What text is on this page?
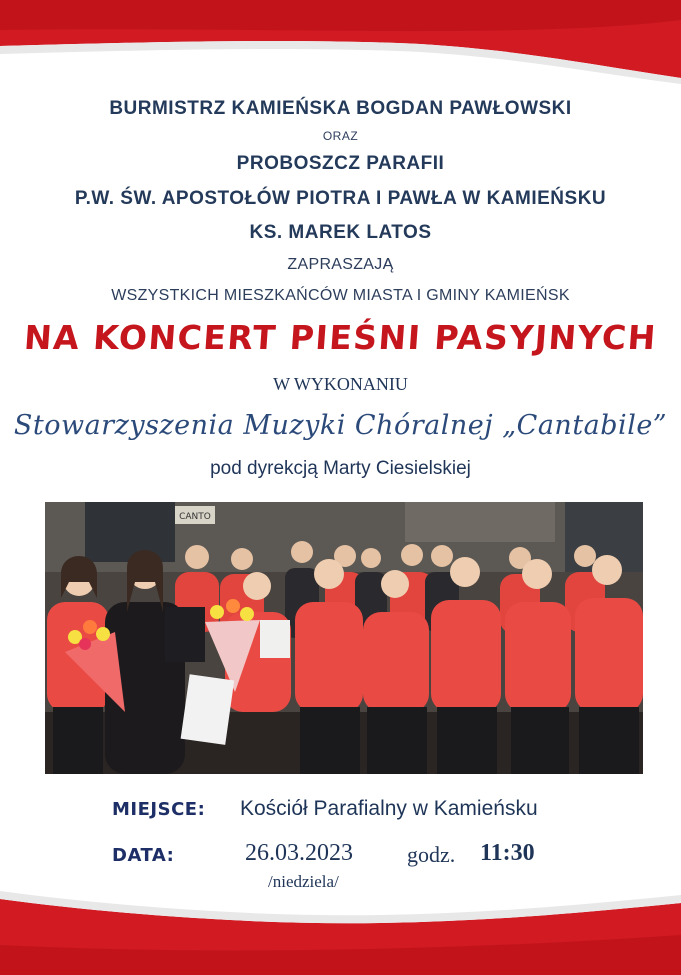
BURMISTRZ KAMIEŃSKA BOGDAN PAWŁOWSKI
ORAZ
PROBOSZCZ PARAFII
P.W. ŚW. APOSTOŁÓW PIOTRA I PAWŁA W KAMIEŃSKU
KS. MAREK LATOS
ZAPRASZAJĄ
WSZYSTKICH MIESZKAŃCÓW MIASTA I GMINY KAMIEŃSK
NA KONCERT PIEŚNI PASYJNYCH
W WYKONANIU
Stowarzyszenia Muzyki Chóralnej „Cantabile”
pod dyrekcją Marty Ciesielskiej
CANTO
MIEJSCE: Kościół Parafialny w Kamieńsku
DATA:	26.03.2023 godz. 11:30
/niedziela/
